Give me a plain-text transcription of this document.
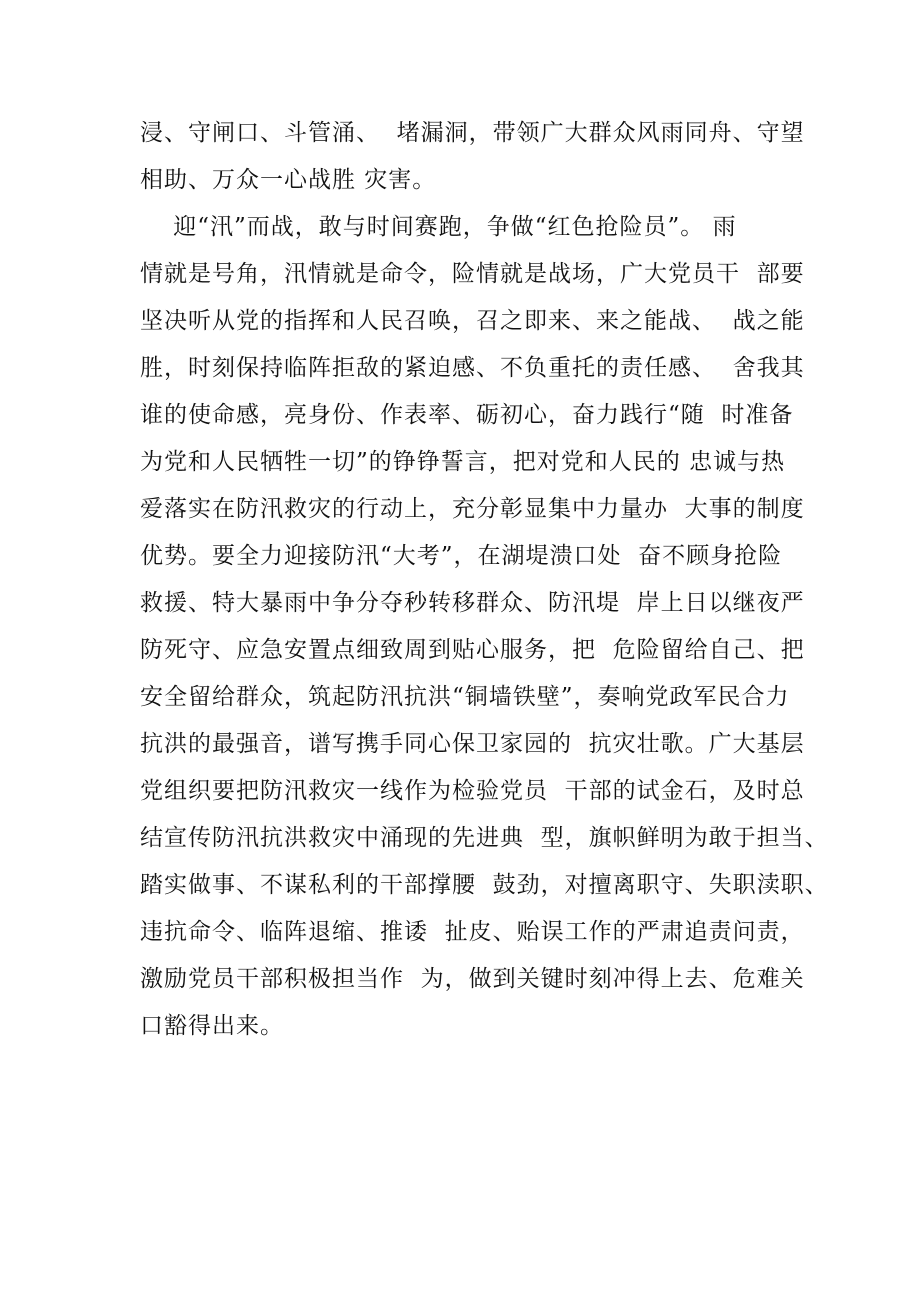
浸、守闸口、斗管涌、  堵漏洞，带领广大群众风雨同舟、守望
相助、万众一心战胜 灾害。
迎“汛”而战，敢与时间赛跑，争做“红色抢险员”。 雨
情就是号角，汛情就是命令，险情就是战场，广大党员干  部要
坚决听从党的指挥和人民召唤，召之即来、来之能战、  战之能
胜，时刻保持临阵拒敌的紧迫感、不负重托的责任感、  舍我其
谁的使命感，亮身份、作表率、砺初心，奋力践行“随  时准备
为党和人民牺牲一切”的铮铮誓言，把对党和人民的 忠诚与热
爱落实在防汛救灾的行动上，充分彰显集中力量办  大事的制度
优势。要全力迎接防汛“大考”，在湖堤溃口处  奋不顾身抢险
救援、特大暴雨中争分夺秒转移群众、防汛堤  岸上日以继夜严
防死守、应急安置点细致周到贴心服务，把  危险留给自己、把
安全留给群众，筑起防汛抗洪“铜墙铁壁”，奏响党政军民合力
抗洪的最强音，谱写携手同心保卫家园的  抗灾壮歌。广大基层
党组织要把防汛救灾一线作为检验党员  干部的试金石，及时总
结宣传防汛抗洪救灾中涌现的先进典  型，旗帜鲜明为敢于担当、
踏实做事、不谋私利的干部撑腰  鼓劲，对擅离职守、失职渎职、
违抗命令、临阵退缩、推诿  扯皮、贻误工作的严肃追责问责，
激励党员干部积极担当作  为，做到关键时刻冲得上去、危难关
口豁得出来。
